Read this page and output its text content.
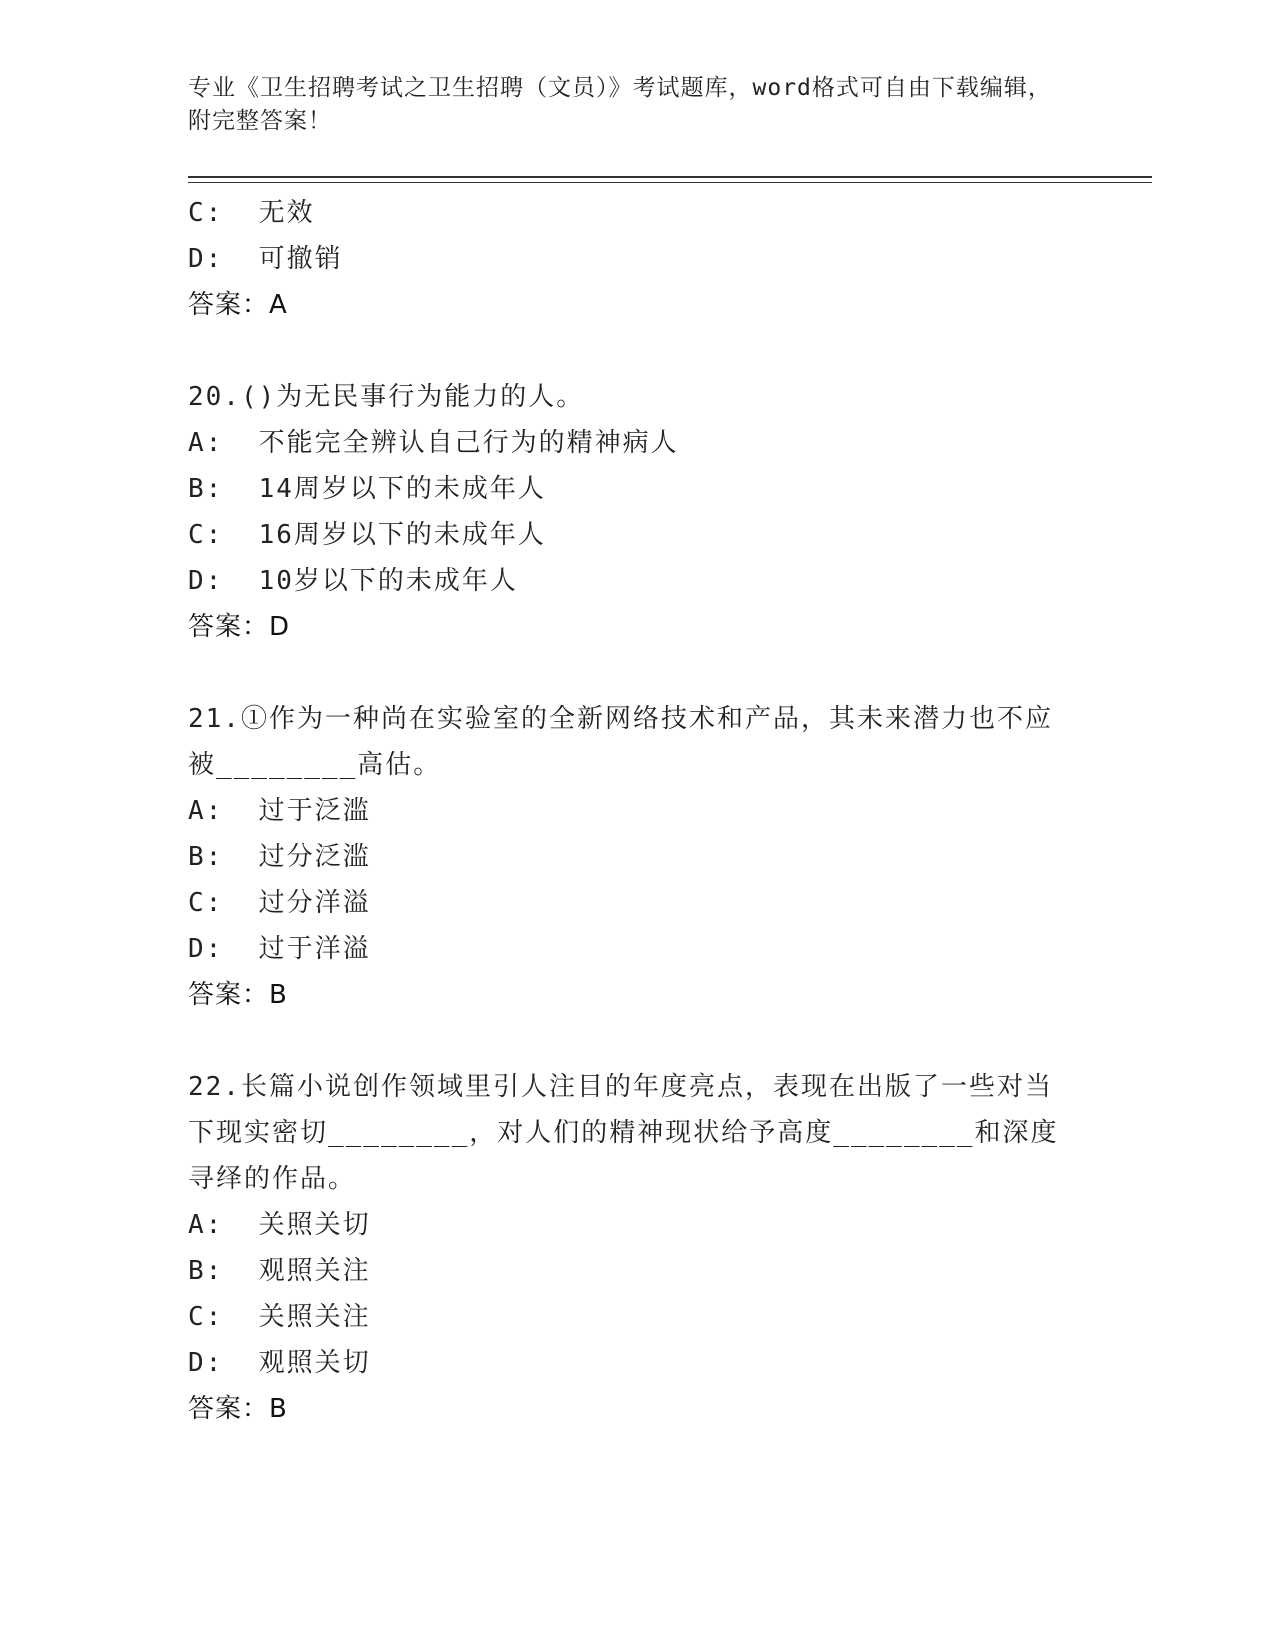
专业《卫生招聘考试之卫生招聘（文员）》考试题库，word格式可自由下载编辑，附完整答案！
C:  无效
D:  可撤销
答案：A
20.()为无民事行为能力的人。
A:  不能完全辨认自己行为的精神病人
B:  14周岁以下的未成年人
C:  16周岁以下的未成年人
D:  10岁以下的未成年人
答案：D
21.①作为一种尚在实验室的全新网络技术和产品，其未来潜力也不应被________高估。
A:  过于泛滥
B:  过分泛滥
C:  过分洋溢
D:  过于洋溢
答案：B
22.长篇小说创作领域里引人注目的年度亮点，表现在出版了一些对当下现实密切________，对人们的精神现状给予高度________和深度寻绎的作品。
A:  关照关切
B:  观照关注
C:  关照关注
D:  观照关切
答案：B
